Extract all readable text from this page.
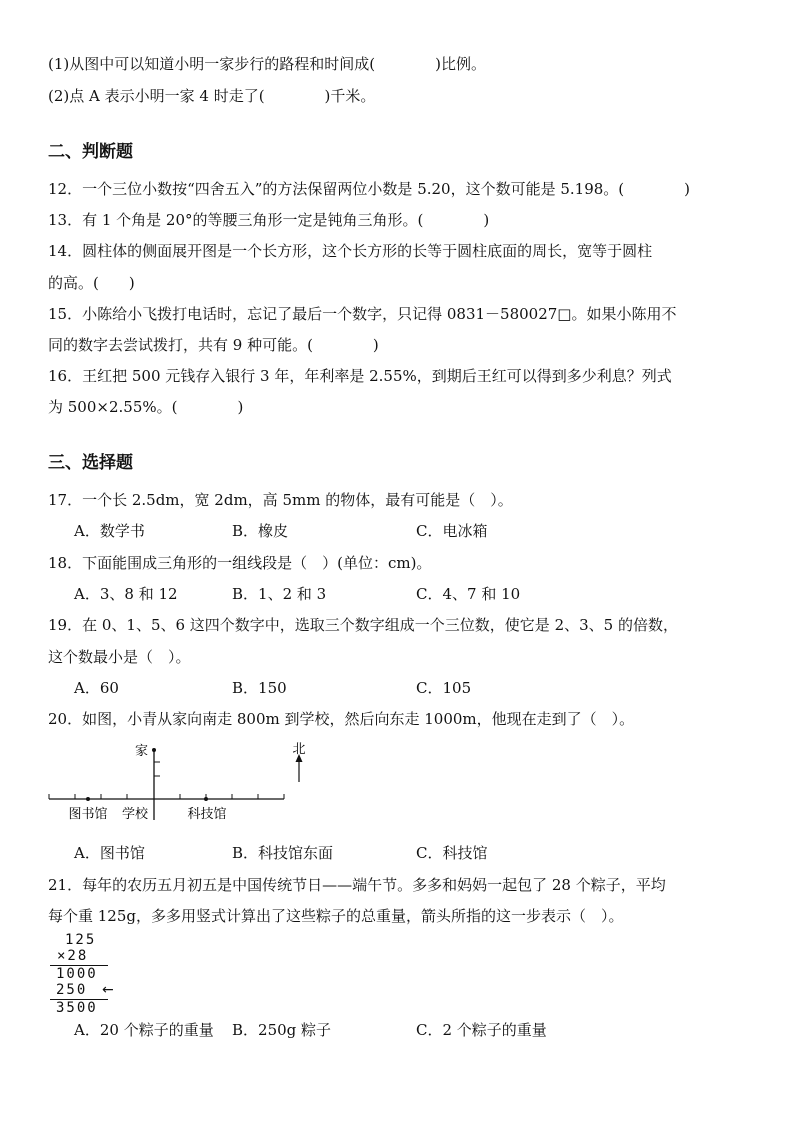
(1)从图中可以知道小明一家步行的路程和时间成(　　　　)比例。
(2)点 A 表示小明一家 4 时走了(　　　　)千米。
二、判断题
12．一个三位小数按“四舍五入”的方法保留两位小数是 5.20，这个数可能是 5.198。(　　　　)
13．有 1 个角是 20°的等腰三角形一定是钝角三角形。(　　　　)
14．圆柱体的侧面展开图是一个长方形，这个长方形的长等于圆柱底面的周长，宽等于圆柱
的高。(　　)
15．小陈给小飞拨打电话时，忘记了最后一个数字，只记得 0831－580027□。如果小陈用不
同的数字去尝试拨打，共有 9 种可能。(　　　　)
16．王红把 500 元钱存入银行 3 年，年利率是 2.55%，到期后王红可以得到多少利息？列式
为 500×2.55%。(　　　　)
三、选择题
17．一个长 2.5dm，宽 2dm，高 5mm 的物体，最有可能是（　）。
A．数学书	B．橡皮	C．电冰箱
18．下面能围成三角形的一组线段是（　）(单位：cm)。
A．3、8 和 12	B．1、2 和 3	C．4、7 和 10
19．在 0、1、5、6 这四个数字中，选取三个数字组成一个三位数，使它是 2、3、5 的倍数，
这个数最小是（　）。
A．60	B．150	C．105
20．如图，小青从家向南走 800m 到学校，然后向东走 1000m，他现在走到了（　）。
家	北
图书馆 学校	科技馆
A．图书馆	B．科技馆东面	C．科技馆
21．每年的农历五月初五是中国传统节日——端午节。多多和妈妈一起包了 28 个粽子，平均
每个重 125g，多多用竖式计算出了这些粽子的总重量，箭头所指的这一步表示（　）。
125
×28
1000
250 ←
3500
A．20 个粽子的重量 B．250g 粽子	C．2 个粽子的重量
